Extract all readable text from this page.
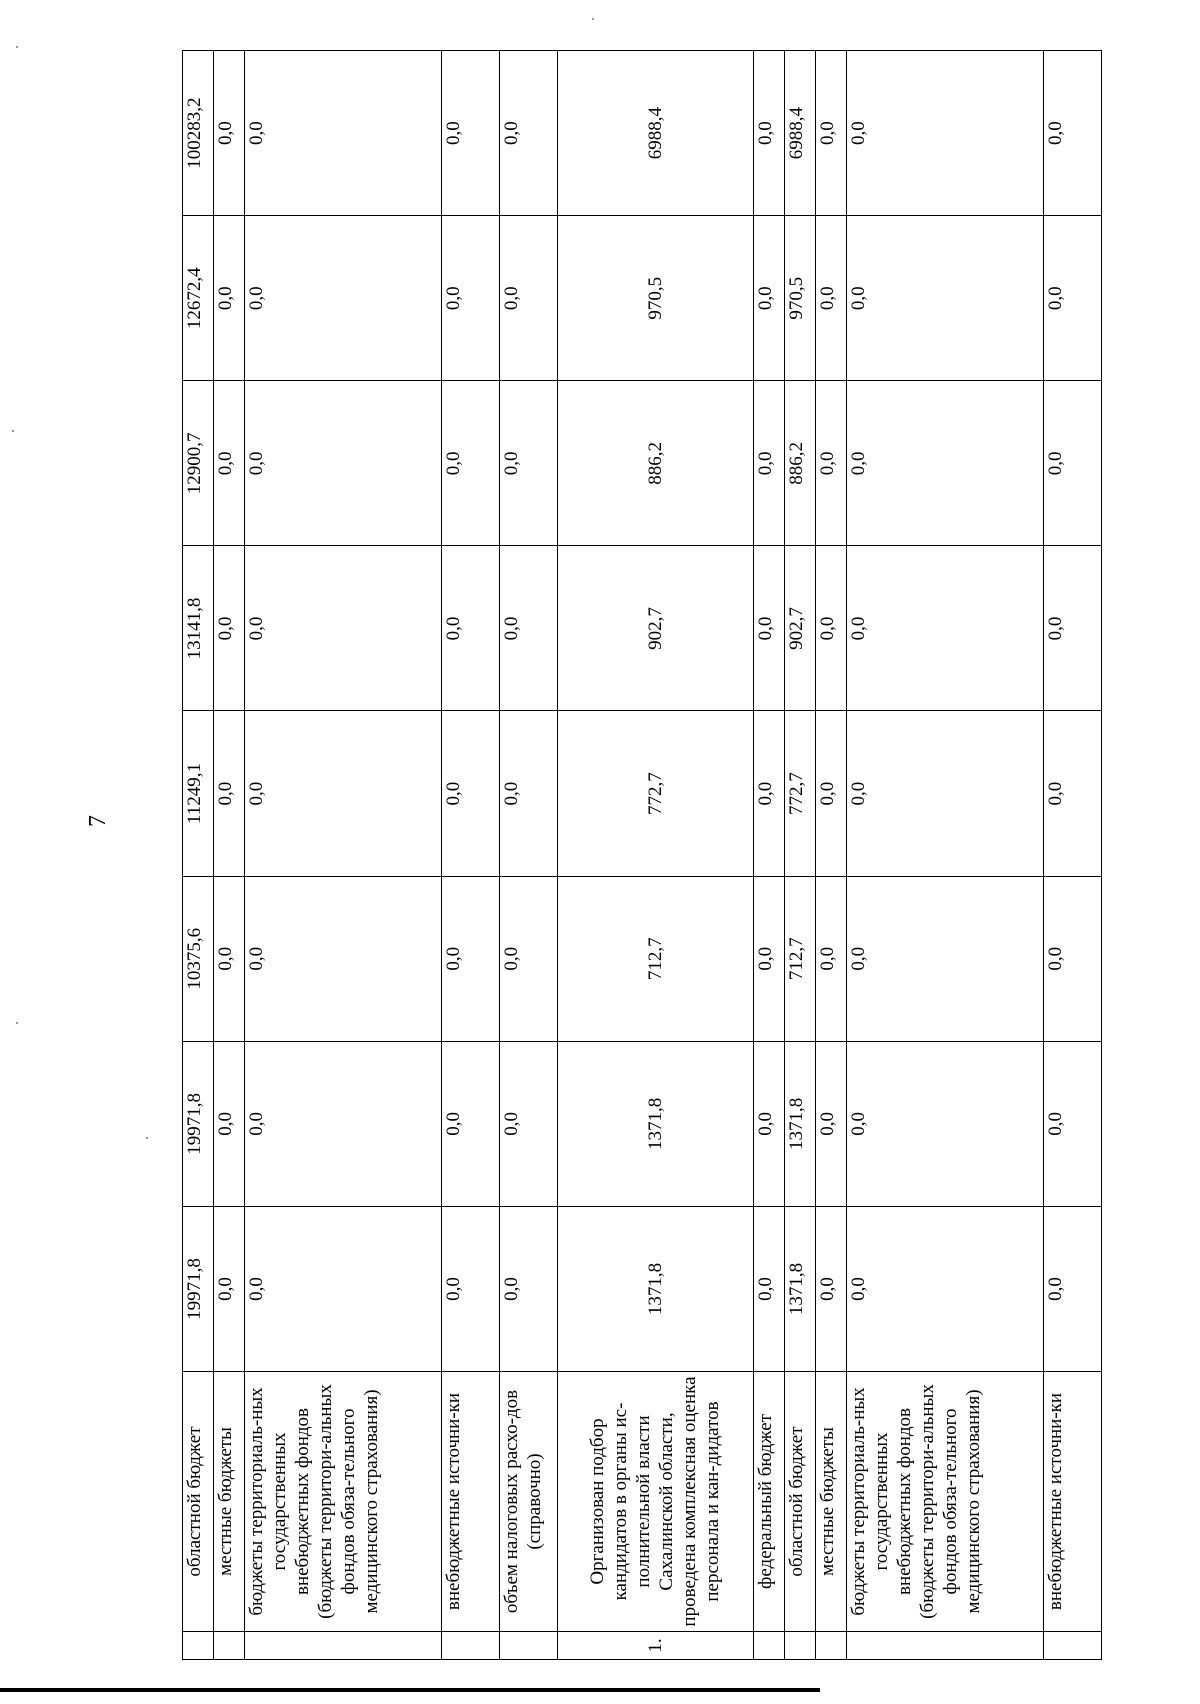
7
	областной бюджет	19971,8	19971,8	10375,6	11249,1	13141,8	12900,7	12672,4	100283,2
	местные бюджеты	0,0	0,0	0,0	0,0	0,0	0,0	0,0	0,0
	бюджеты территориаль-ных государственных внебюджетных фондов (бюджеты территори-альных фондов обяза-тельного медицинского страхования)	0,0	0,0	0,0	0,0	0,0	0,0	0,0	0,0
	внебюджетные источни-ки	0,0	0,0	0,0	0,0	0,0	0,0	0,0	0,0
	объем налоговых расхо-дов (справочно)	0,0	0,0	0,0	0,0	0,0	0,0	0,0	0,0
1.	Организован подбор кандидатов в органы ис-полнительной власти Сахалинской области, проведена комплексная оценка персонала и кан-дидатов	1371,8	1371,8	712,7	772,7	902,7	886,2	970,5	6988,4
	федеральный бюджет	0,0	0,0	0,0	0,0	0,0	0,0	0,0	0,0
	областной бюджет	1371,8	1371,8	712,7	772,7	902,7	886,2	970,5	6988,4
	местные бюджеты	0,0	0,0	0,0	0,0	0,0	0,0	0,0	0,0
	бюджеты территориаль-ных государственных внебюджетных фондов (бюджеты территори-альных фондов обяза-тельного медицинского страхования)	0,0	0,0	0,0	0,0	0,0	0,0	0,0	0,0
	внебюджетные источни-ки	0,0	0,0	0,0	0,0	0,0	0,0	0,0	0,0
